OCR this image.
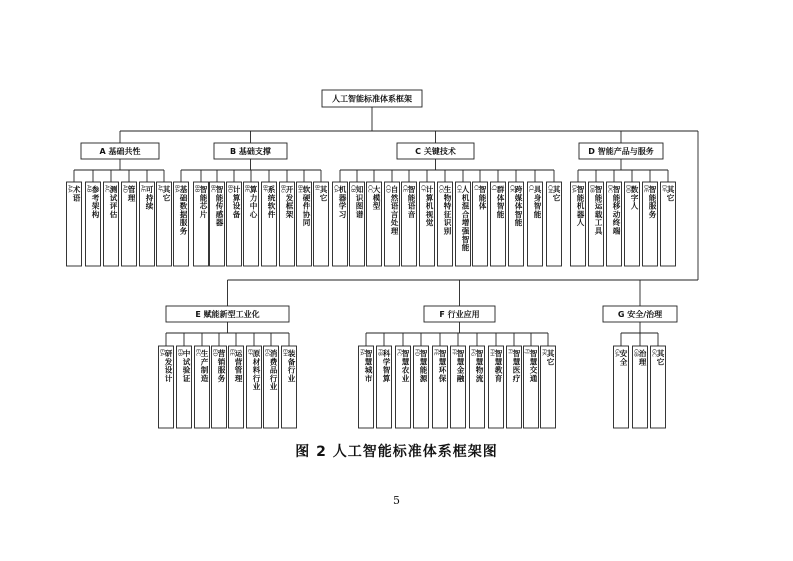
人工智能标准体系框架
A 基础共性
AA 术语
AB 参考架构
AC 测试评估
AD 管理
AE 可持续
AF 其它
B 基础支撑
BA 基础数据服务
BB 智能芯片
BC 智能传感器
BD 计算设备
BE 算力中心
BF 系统软件
BG 开发框架
BH 软硬件协同
BI 其它
C 关键技术
CA 机器学习
CB 知识图谱
CC 大模型
CD 自然语言处理
CE 智能语音
CF 计算机视觉
CG 生物特征识别
CH 人机混合增强智能
CI 智能体
CJ 群体智能
CK 跨媒体智能
CL 具身智能
CM 其它
D 智能产品与服务
DA 智能机器人
DB 智能运载工具
DC 智能移动终端
DD 数字人
DE 智能服务
DF 其它
E 赋能新型工业化
EA 研发设计
EB 中试验证
EC 生产制造
ED 营销服务
EE 运营管理
EF 原材料行业
EG 消费品行业
EH 装备行业
F 行业应用
FA 智慧城市
FB 科学智算
FC 智慧农业
FD 智慧能源
FE 智慧环保
FF 智慧金融
FG 智慧物流
FH 智慧教育
FI 智慧医疗
FJ 智慧交通
FK 其它
G 安全/治理
GA 安全
GB 治理
GC 其它
图 2 人工智能标准体系框架图
5
